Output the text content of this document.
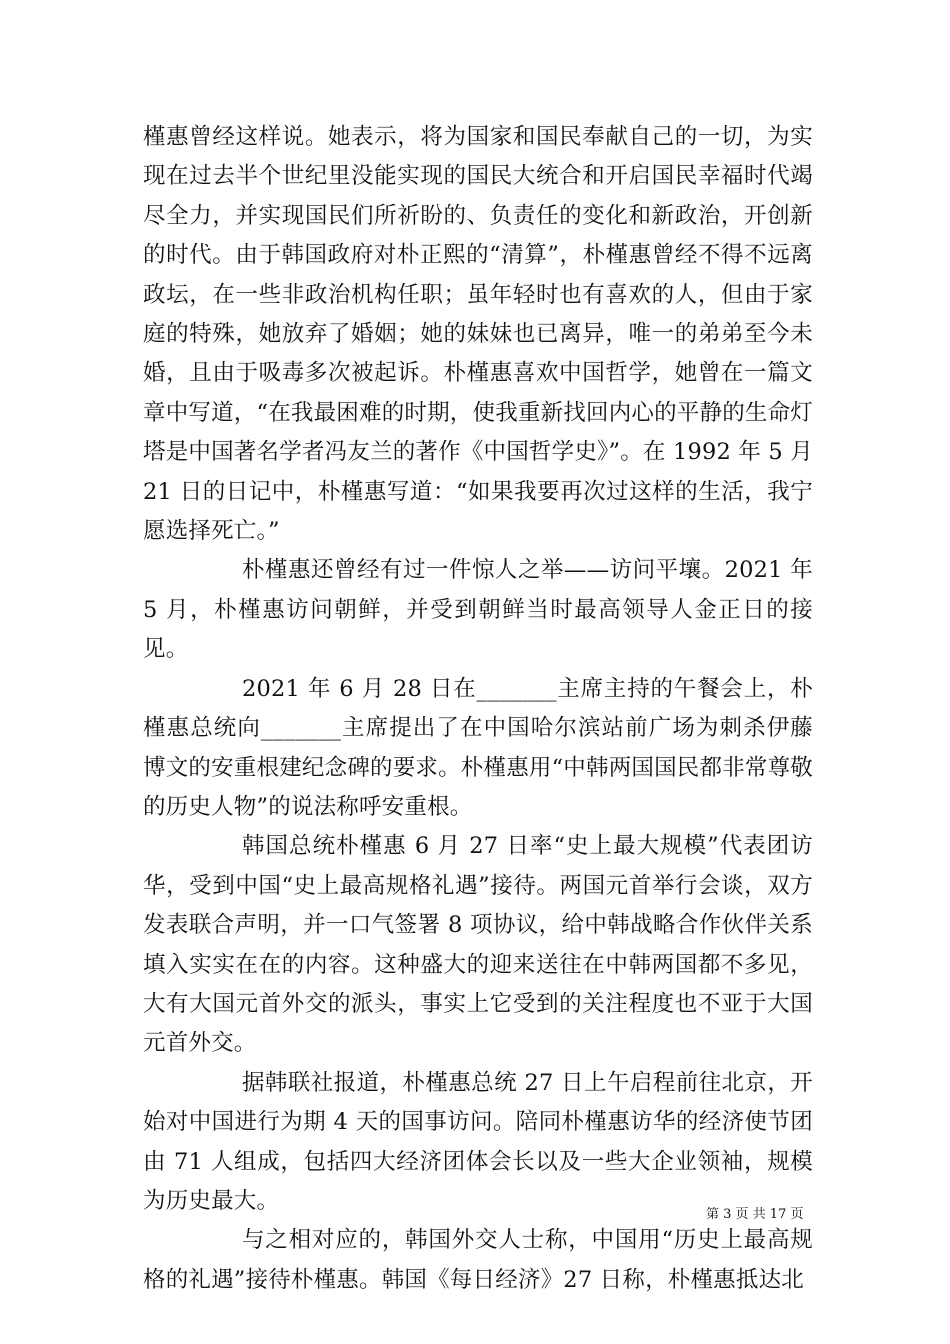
槿惠曾经这样说。她表示，将为国家和国民奉献自己的一切，为实现在过去半个世纪里没能实现的国民大统合和开启国民幸福时代竭尽全力，并实现国民们所祈盼的、负责任的变化和新政治，开创新的时代。由于韩国政府对朴正熙的“清算”，朴槿惠曾经不得不远离政坛，在一些非政治机构任职；虽年轻时也有喜欢的人，但由于家庭的特殊，她放弃了婚姻；她的妹妹也已离异，唯一的弟弟至今未婚，且由于吸毒多次被起诉。朴槿惠喜欢中国哲学，她曾在一篇文章中写道，“在我最困难的时期，使我重新找回内心的平静的生命灯塔是中国著名学者冯友兰的著作《中国哲学史》”。在 1992 年 5 月 21 日的日记中，朴槿惠写道：“如果我要再次过这样的生活，我宁愿选择死亡。”

朴槿惠还曾经有过一件惊人之举——访问平壤。2021 年 5 月，朴槿惠访问朝鲜，并受到朝鲜当时最高领导人金正日的接见。

2021 年 6 月 28 日在_______主席主持的午餐会上，朴槿惠总统向_______主席提出了在中国哈尔滨站前广场为刺杀伊藤博文的安重根建纪念碑的要求。朴槿惠用“中韩两国国民都非常尊敬的历史人物”的说法称呼安重根。

韩国总统朴槿惠 6 月 27 日率“史上最大规模”代表团访华，受到中国“史上最高规格礼遇”接待。两国元首举行会谈，双方发表联合声明，并一口气签署 8 项协议，给中韩战略合作伙伴关系填入实实在在的内容。这种盛大的迎来送往在中韩两国都不多见，大有大国元首外交的派头，事实上它受到的关注程度也不亚于大国元首外交。

据韩联社报道，朴槿惠总统 27 日上午启程前往北京，开始对中国进行为期 4 天的国事访问。陪同朴槿惠访华的经济使节团由 71 人组成，包括四大经济团体会长以及一些大企业领袖，规模为历史最大。

与之相对应的，韩国外交人士称，中国用“历史上最高规格的礼遇”接待朴槿惠。韩国《每日经济》27 日称，朴槿惠抵达北

第 3 页 共 17 页
